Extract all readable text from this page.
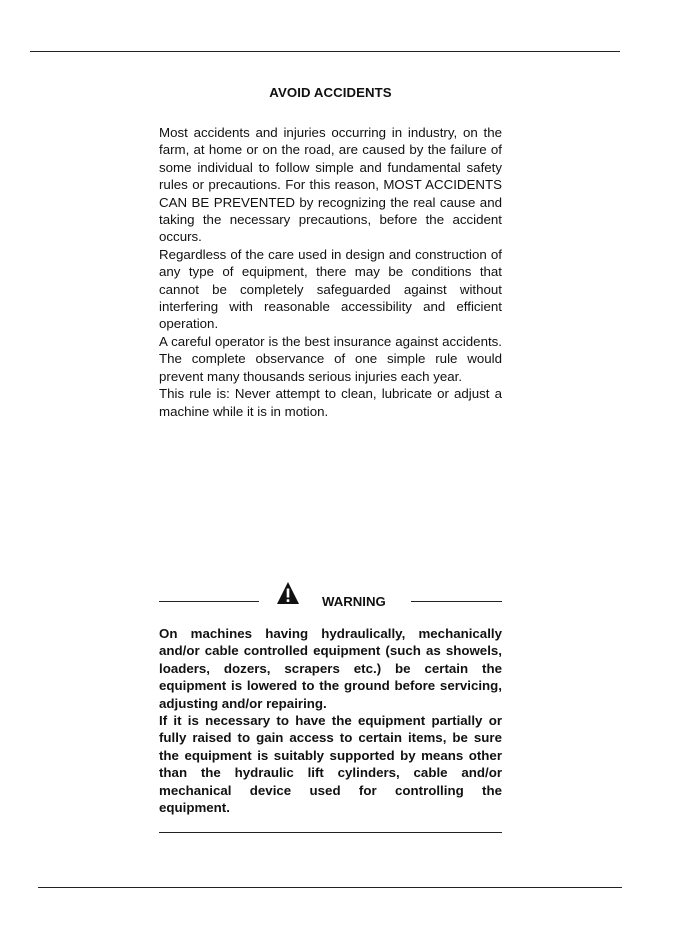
AVOID ACCIDENTS

Most accidents and injuries occurring in industry, on the farm, at home or on the road, are caused by the failure of some individual to follow simple and fundamental safety rules or precautions. For this reason, MOST ACCIDENTS CAN BE PREVENTED by recognizing the real cause and taking the necessary precautions, before the accident occurs.

Regardless of the care used in design and construction of any type of equipment, there may be conditions that cannot be completely safeguarded against without interfering with reasonable accessibility and efficient operation.

A careful operator is the best insurance against accidents. The complete observance of one simple rule would prevent many thousands serious injuries each year.

This rule is: Never attempt to clean, lubricate or adjust a machine while it is in motion.

WARNING

On machines having hydraulically, mechanically and/or cable controlled equipment (such as showels, loaders, dozers, scrapers etc.) be certain the equipment is lowered to the ground before servicing, adjusting and/or repairing.

If it is necessary to have the equipment partially or fully raised to gain access to certain items, be sure the equipment is suitably supported by means other than the hydraulic lift cylinders, cable and/or mechanical device used for controlling the equipment.
